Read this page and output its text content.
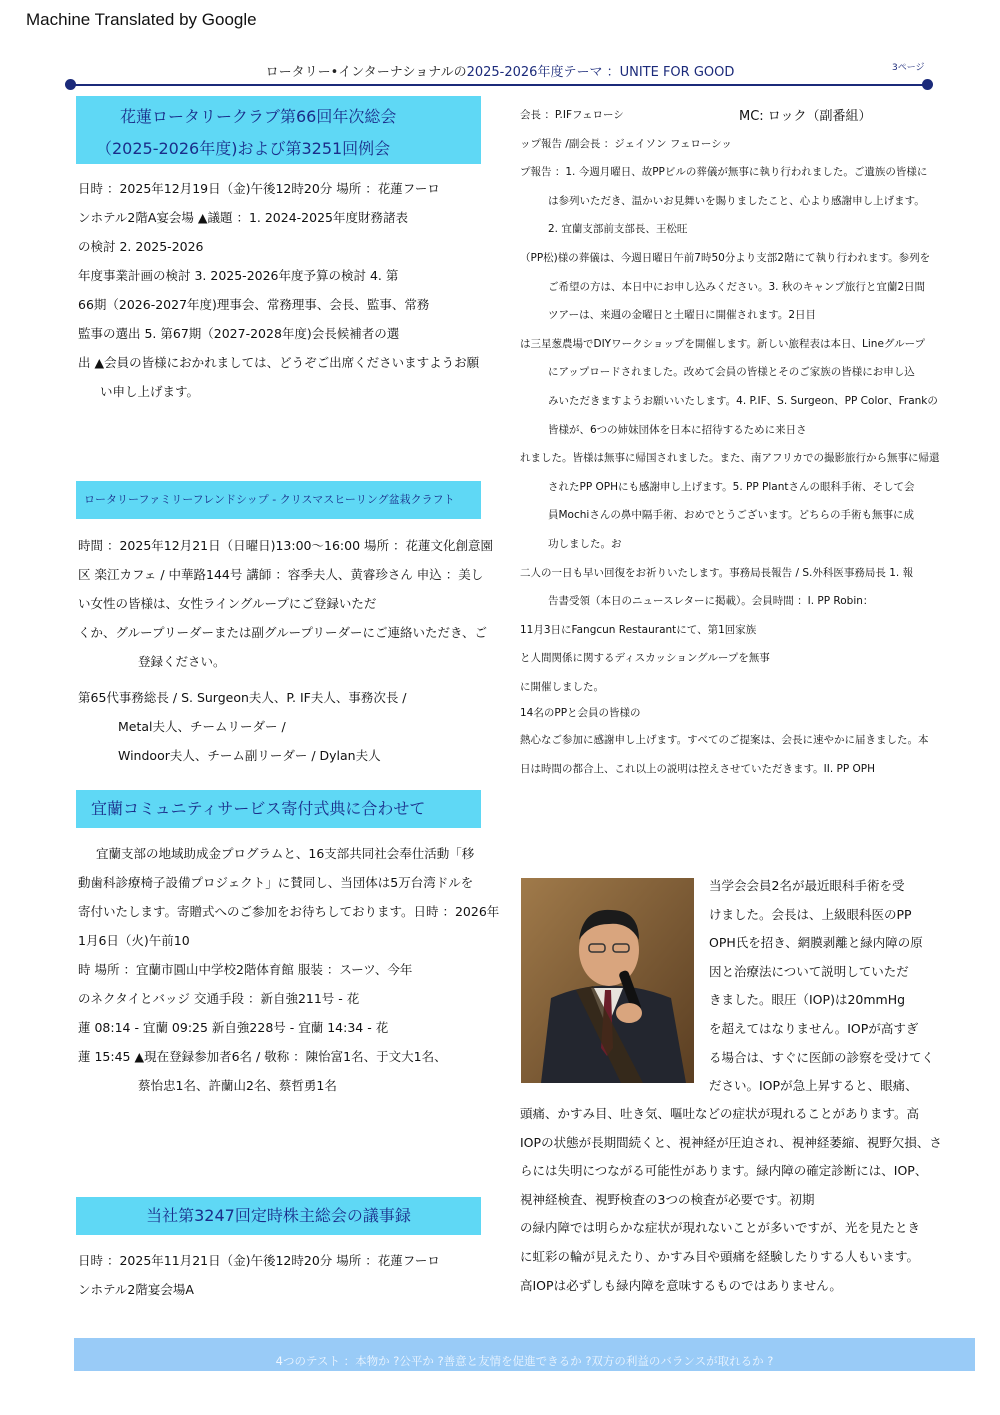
Machine Translated by Google
ロータリー•インターナショナルの2025-2026年度テーマ ：UNITE FOR GOOD	3ページ
花蓮ロータリークラブ第66回年次総会
（2025-2026年度)および第3251回例会
日時 ：2025年12月19日（金)午後12時20分 場所 ：花蓮フーロ
ンホテル2階A宴会場 ▲議題 ：1. 2024-2025年度財務諸表
の検討 2. 2025-2026
年度事業計画の検討 3. 2025-2026年度予算の検討 4. 第
66期（2026-2027年度)理事会、常務理事、会長、監事、常務
監事の選出 5. 第67期（2027-2028年度)会長候補者の選
出 ▲会員の皆様におかれましては、どうぞご出席くださいますようお願
い申し上げます。
ロータリーファミリーフレンドシップ - クリスマスヒーリング盆栽クラフト
時間 ：2025年12月21日（日曜日)13:00～16:00 場所 ：花蓮文化創意園
区 楽江カフェ / 中華路144号 講師 ：容季夫人、黄睿珍さん 申込 ：美し
い女性の皆様は、女性ライングループにご登録いただ
くか、グループリーダーまたは副グループリーダーにご連絡いただき、ご
登録ください。
第65代事務総長 / S. Surgeon夫人、P. IF夫人、事務次長 /
Metal夫人、チームリーダー /
Windoor夫人、チーム副リーダー / Dylan夫人
宜蘭コミュニティサービス寄付式典に合わせて
宜蘭支部の地域助成金プログラムと、16支部共同社会奉仕活動「移
動歯科診療椅子設備プロジェクト」に賛同し、当団体は5万台湾ドルを
寄付いたします。寄贈式へのご参加をお待ちしております。日時 ：2026年
1月6日（火)午前10
時 場所 ：宜蘭市圓山中学校2階体育館 服装 ：スーツ、今年
のネクタイとバッジ 交通手段 ：新自強211号 - 花
蓮 08:14 - 宜蘭 09:25 新自強228号 - 宜蘭 14:34 - 花
蓮 15:45 ▲現在登録参加者6名 / 敬称 ：陳怡富1名、于文大1名、
蔡怡忠1名、許蘭山2名、蔡哲勇1名
当社第3247回定時株主総会の議事録
日時 ：2025年11月21日（金)午後12時20分 場所 ：花蓮フーロ
ンホテル2階宴会場A
MC: ロック（副番組）
会長 ：P.IFフェローシ
ップ報告 /副会長 ：ジェイソン フェローシッ
プ報告 ：1. 今週月曜日、故PPビルの葬儀が無事に執り行われました。ご遺族の皆様に
は参列いただき、温かいお見舞いを賜りましたこと、心より感謝申し上げます。
2. 宜蘭支部前支部長、王松旺
（PP松)様の葬儀は、今週日曜日午前7時50分より支部2階にて執り行われます。参列を
ご希望の方は、本日中にお申し込みください。3. 秋のキャンプ旅行と宜蘭2日間
ツアーは、来週の金曜日と土曜日に開催されます。2日目
は三星葱農場でDIYワークショップを開催します。新しい旅程表は本日、Lineグループ
にアップロードされました。改めて会員の皆様とそのご家族の皆様にお申し込
みいただきますようお願いいたします。4. P.IF、S. Surgeon、PP Color、Frankの
皆様が、6つの姉妹団体を日本に招待するために来日さ
れました。皆様は無事に帰国されました。また、南アフリカでの撮影旅行から無事に帰還
されたPP OPHにも感謝申し上げます。5. PP Plantさんの眼科手術、そして会
員Mochiさんの鼻中隔手術、おめでとうございます。どちらの手術も無事に成
功しました。お
二人の一日も早い回復をお祈りいたします。事務局長報告 / S.外科医事務局長 1. 報
告書受領（本日のニュースレターに掲載）。会員時間 ：I. PP Robin：
11月3日にFangcun Restaurantにて、第1回家族
と人間関係に関するディスカッショングループを無事
に開催しました。
14名のPPと会員の皆様の
熱心なご参加に感謝申し上げます。すべてのご提案は、会長に速やかに届きました。本
日は時間の都合上、これ以上の説明は控えさせていただきます。II. PP OPH
当学会会員2名が最近眼科手術を受
けました。会長は、上級眼科医のPP
OPH氏を招き、網膜剥離と緑内障の原
因と治療法について説明していただ
きました。眼圧（IOP)は20mmHg
を超えてはなりません。IOPが高すぎ
る場合は、すぐに医師の診察を受けてく
ださい。IOPが急上昇すると、眼痛、
頭痛、かすみ目、吐き気、嘔吐などの症状が現れることがあります。高
IOPの状態が長期間続くと、視神経が圧迫され、視神経萎縮、視野欠損、さ
らには失明につながる可能性があります。緑内障の確定診断には、IOP、
視神経検査、視野検査の3つの検査が必要です。初期
の緑内障では明らかな症状が現れないことが多いですが、光を見たとき
に虹彩の輪が見えたり、かすみ目や頭痛を経験したりする人もいます。
高IOPは必ずしも緑内障を意味するものではありません。
4つのテスト ：本物か ?公平か ?善意と友情を促進できるか ?双方の利益のバランスが取れるか ?
